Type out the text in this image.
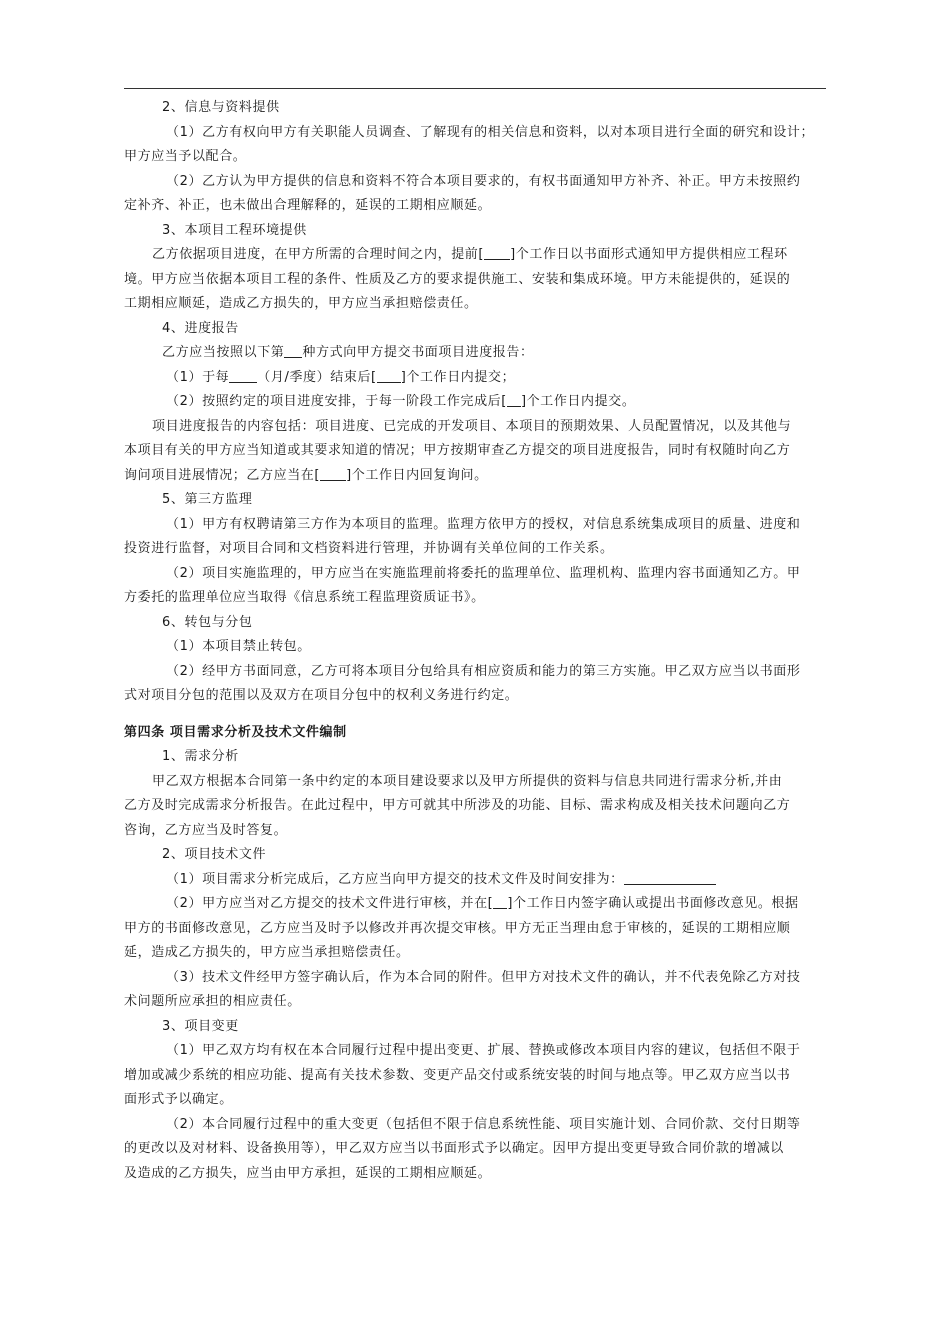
2、信息与资料提供

（1）乙方有权向甲方有关职能人员调查、了解现有的相关信息和资料，以对本项目进行全面的研究和设计；

甲方应当予以配合。

（2）乙方认为甲方提供的信息和资料不符合本项目要求的，有权书面通知甲方补齐、补正。甲方未按照约

定补齐、补正，也未做出合理解释的，延误的工期相应顺延。

3、本项目工程环境提供

乙方依据项目进度，在甲方所需的合理时间之内，提前[ ]个工作日以书面形式通知甲方提供相应工程环

境。甲方应当依据本项目工程的条件、性质及乙方的要求提供施工、安装和集成环境。甲方未能提供的，延误的

工期相应顺延，造成乙方损失的，甲方应当承担赔偿责任。

4、进度报告

乙方应当按照以下第 种方式向甲方提交书面项目进度报告：

（1）于每 （月/季度）结束后[ ]个工作日内提交；

（2）按照约定的项目进度安排，于每一阶段工作完成后[ ]个工作日内提交。

项目进度报告的内容包括：项目进度、已完成的开发项目、本项目的预期效果、人员配置情况，以及其他与

本项目有关的甲方应当知道或其要求知道的情况；甲方按期审查乙方提交的项目进度报告，同时有权随时向乙方

询问项目进展情况；乙方应当在[ ]个工作日内回复询问。

5、第三方监理

（1）甲方有权聘请第三方作为本项目的监理。监理方依甲方的授权，对信息系统集成项目的质量、进度和

投资进行监督，对项目合同和文档资料进行管理，并协调有关单位间的工作关系。

（2）项目实施监理的，甲方应当在实施监理前将委托的监理单位、监理机构、监理内容书面通知乙方。甲

方委托的监理单位应当取得《信息系统工程监理资质证书》。

6、转包与分包

（1）本项目禁止转包。

（2）经甲方书面同意，乙方可将本项目分包给具有相应资质和能力的第三方实施。甲乙双方应当以书面形

式对项目分包的范围以及双方在项目分包中的权利义务进行约定。

第四条 项目需求分析及技术文件编制

1、需求分析

甲乙双方根据本合同第一条中约定的本项目建设要求以及甲方所提供的资料与信息共同进行需求分析,并由

乙方及时完成需求分析报告。在此过程中，甲方可就其中所涉及的功能、目标、需求构成及相关技术问题向乙方

咨询，乙方应当及时答复。

2、项目技术文件

（1）项目需求分析完成后，乙方应当向甲方提交的技术文件及时间安排为：

（2）甲方应当对乙方提交的技术文件进行审核，并在[ ]个工作日内签字确认或提出书面修改意见。根据

甲方的书面修改意见，乙方应当及时予以修改并再次提交审核。甲方无正当理由怠于审核的，延误的工期相应顺

延，造成乙方损失的，甲方应当承担赔偿责任。

（3）技术文件经甲方签字确认后，作为本合同的附件。但甲方对技术文件的确认，并不代表免除乙方对技

术问题所应承担的相应责任。

3、项目变更

（1）甲乙双方均有权在本合同履行过程中提出变更、扩展、替换或修改本项目内容的建议，包括但不限于

增加或减少系统的相应功能、提高有关技术参数、变更产品交付或系统安装的时间与地点等。甲乙双方应当以书

面形式予以确定。

（2）本合同履行过程中的重大变更（包括但不限于信息系统性能、项目实施计划、合同价款、交付日期等

的更改以及对材料、设备换用等），甲乙双方应当以书面形式予以确定。因甲方提出变更导致合同价款的增减以

及造成的乙方损失，应当由甲方承担，延误的工期相应顺延。
